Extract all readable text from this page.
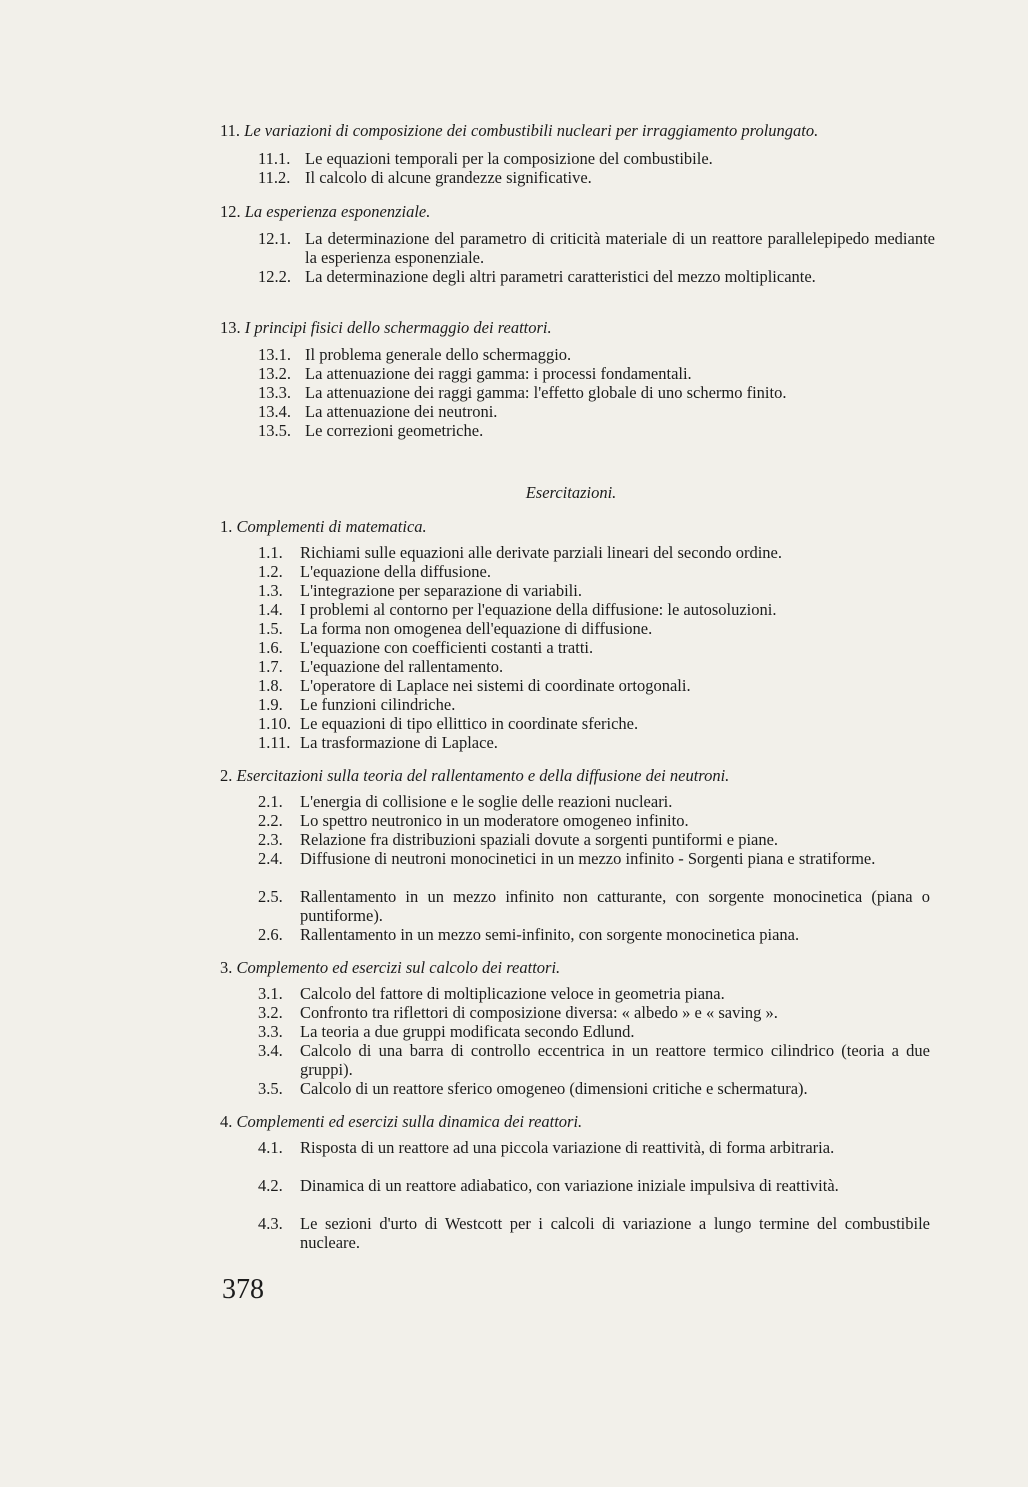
11. Le variazioni di composizione dei combustibili nucleari per irraggiamento prolungato.
11.1. Le equazioni temporali per la composizione del combustibile.
11.2. Il calcolo di alcune grandezze significative.
12. La esperienza esponenziale.
12.1. La determinazione del parametro di criticità materiale di un reattore parallelepipedo mediante la esperienza esponenziale.
12.2. La determinazione degli altri parametri caratteristici del mezzo moltiplicante.
13. I principi fisici dello schermaggio dei reattori.
13.1. Il problema generale dello schermaggio.
13.2. La attenuazione dei raggi gamma: i processi fondamentali.
13.3. La attenuazione dei raggi gamma: l'effetto globale di uno schermo finito.
13.4. La attenuazione dei neutroni.
13.5. Le correzioni geometriche.
Esercitazioni.
1. Complementi di matematica.
1.1. Richiami sulle equazioni alle derivate parziali lineari del secondo ordine.
1.2. L'equazione della diffusione.
1.3. L'integrazione per separazione di variabili.
1.4. I problemi al contorno per l'equazione della diffusione: le autosoluzioni.
1.5. La forma non omogenea dell'equazione di diffusione.
1.6. L'equazione con coefficienti costanti a tratti.
1.7. L'equazione del rallentamento.
1.8. L'operatore di Laplace nei sistemi di coordinate ortogonali.
1.9. Le funzioni cilindriche.
1.10. Le equazioni di tipo ellittico in coordinate sferiche.
1.11. La trasformazione di Laplace.
2. Esercitazioni sulla teoria del rallentamento e della diffusione dei neutroni.
2.1. L'energia di collisione e le soglie delle reazioni nucleari.
2.2. Lo spettro neutronico in un moderatore omogeneo infinito.
2.3. Relazione fra distribuzioni spaziali dovute a sorgenti puntiformi e piane.
2.4. Diffusione di neutroni monocinetici in un mezzo infinito - Sorgenti piana e stratiforme.
2.5. Rallentamento in un mezzo infinito non catturante, con sorgente monocinetica (piana o puntiforme).
2.6. Rallentamento in un mezzo semi-infinito, con sorgente monocinetica piana.
3. Complemento ed esercizi sul calcolo dei reattori.
3.1. Calcolo del fattore di moltiplicazione veloce in geometria piana.
3.2. Confronto tra riflettori di composizione diversa: « albedo » e « saving ».
3.3. La teoria a due gruppi modificata secondo Edlund.
3.4. Calcolo di una barra di controllo eccentrica in un reattore termico cilindrico (teoria a due gruppi).
3.5. Calcolo di un reattore sferico omogeneo (dimensioni critiche e schermatura).
4. Complementi ed esercizi sulla dinamica dei reattori.
4.1. Risposta di un reattore ad una piccola variazione di reattività, di forma arbitraria.
4.2. Dinamica di un reattore adiabatico, con variazione iniziale impulsiva di reattività.
4.3. Le sezioni d'urto di Westcott per i calcoli di variazione a lungo termine del combustibile nucleare.
378
